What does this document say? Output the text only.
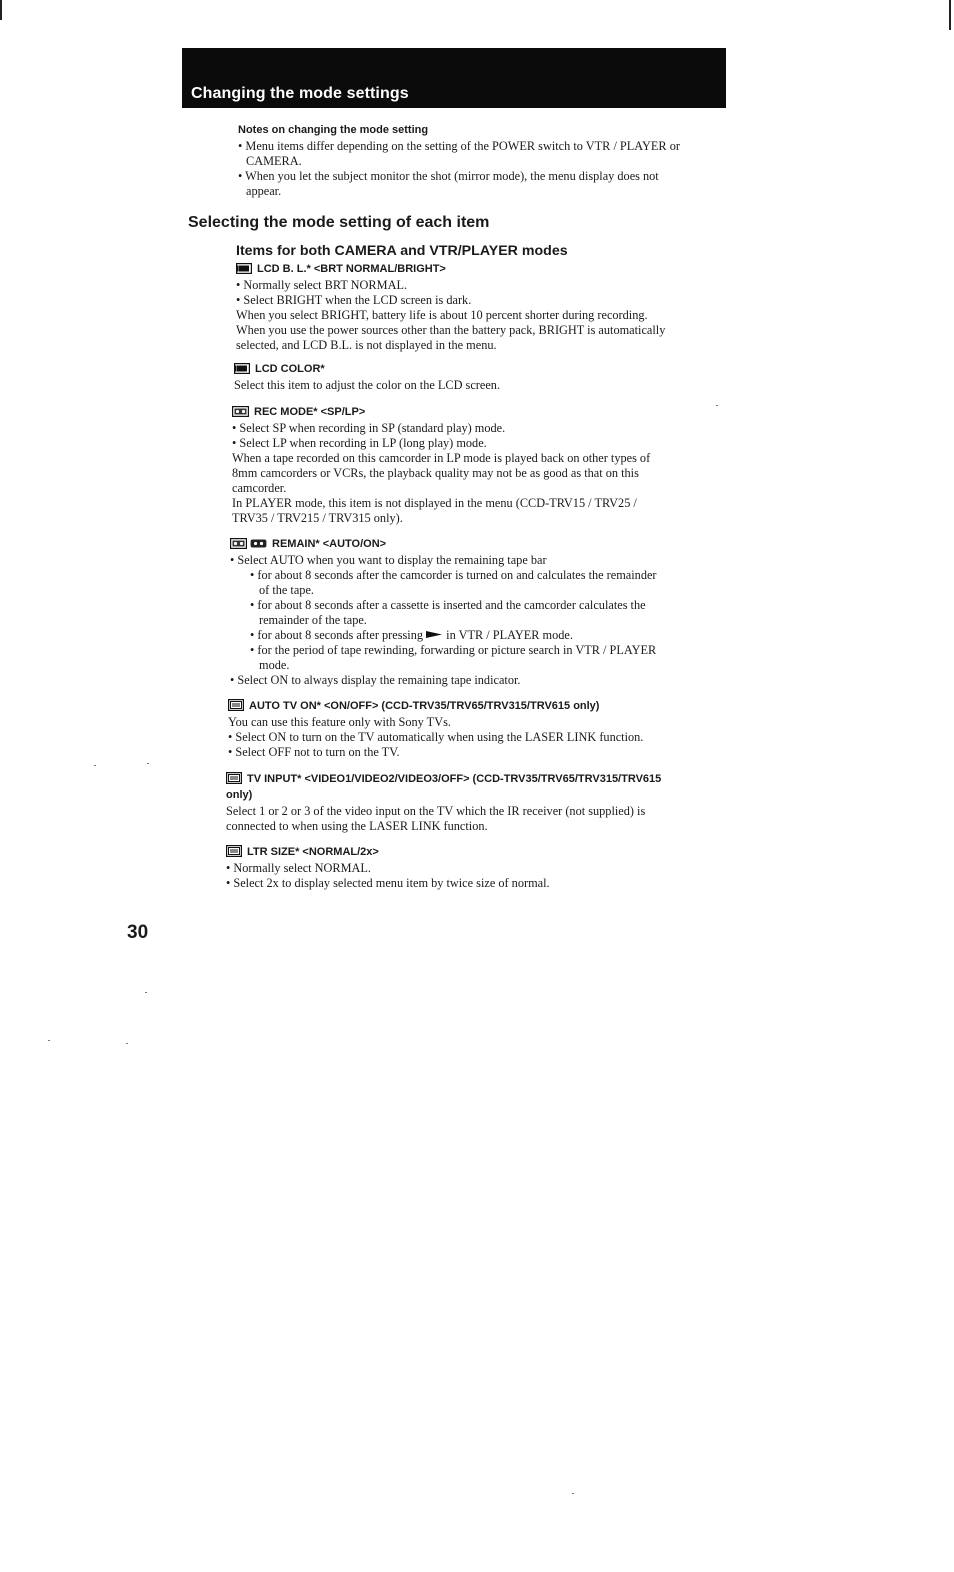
Changing the mode settings
Notes on changing the mode setting
• Menu items differ depending on the setting of the POWER switch to VTR / PLAYER or
CAMERA.
• When you let the subject monitor the shot (mirror mode), the menu display does not
appear.
Selecting the mode setting of each item
Items for both CAMERA and VTR/PLAYER modes
LCD B. L.* <BRT NORMAL/BRIGHT>
• Normally select BRT NORMAL.
• Select BRIGHT when the LCD screen is dark.
When you select BRIGHT, battery life is about 10 percent shorter during recording.
When you use the power sources other than the battery pack, BRIGHT is automatically
selected, and LCD B.L. is not displayed in the menu.
LCD COLOR*
Select this item to adjust the color on the LCD screen.
REC MODE* <SP/LP>
• Select SP when recording in SP (standard play) mode.
• Select LP when recording in LP (long play) mode.
When a tape recorded on this camcorder in LP mode is played back on other types of
8mm camcorders or VCRs, the playback quality may not be as good as that on this
camcorder.
In PLAYER mode, this item is not displayed in the menu (CCD-TRV15 / TRV25 /
TRV35 / TRV215 / TRV315 only).
REMAIN* <AUTO/ON>
• Select AUTO when you want to display the remaining tape bar
• for about 8 seconds after the camcorder is turned on and calculates the remainder
of the tape.
• for about 8 seconds after a cassette is inserted and the camcorder calculates the
remainder of the tape.
• for about 8 seconds after pressing in VTR / PLAYER mode.
• for the period of tape rewinding, forwarding or picture search in VTR / PLAYER
mode.
• Select ON to always display the remaining tape indicator.
AUTO TV ON* <ON/OFF> (CCD-TRV35/TRV65/TRV315/TRV615 only)
You can use this feature only with Sony TVs.
• Select ON to turn on the TV automatically when using the LASER LINK function.
• Select OFF not to turn on the TV.
TV INPUT* <VIDEO1/VIDEO2/VIDEO3/OFF> (CCD-TRV35/TRV65/TRV315/TRV615
only)
Select 1 or 2 or 3 of the video input on the TV which the IR receiver (not supplied) is
connected to when using the LASER LINK function.
LTR SIZE* <NORMAL/2x>
• Normally select NORMAL.
• Select 2x to display selected menu item by twice size of normal.
30
